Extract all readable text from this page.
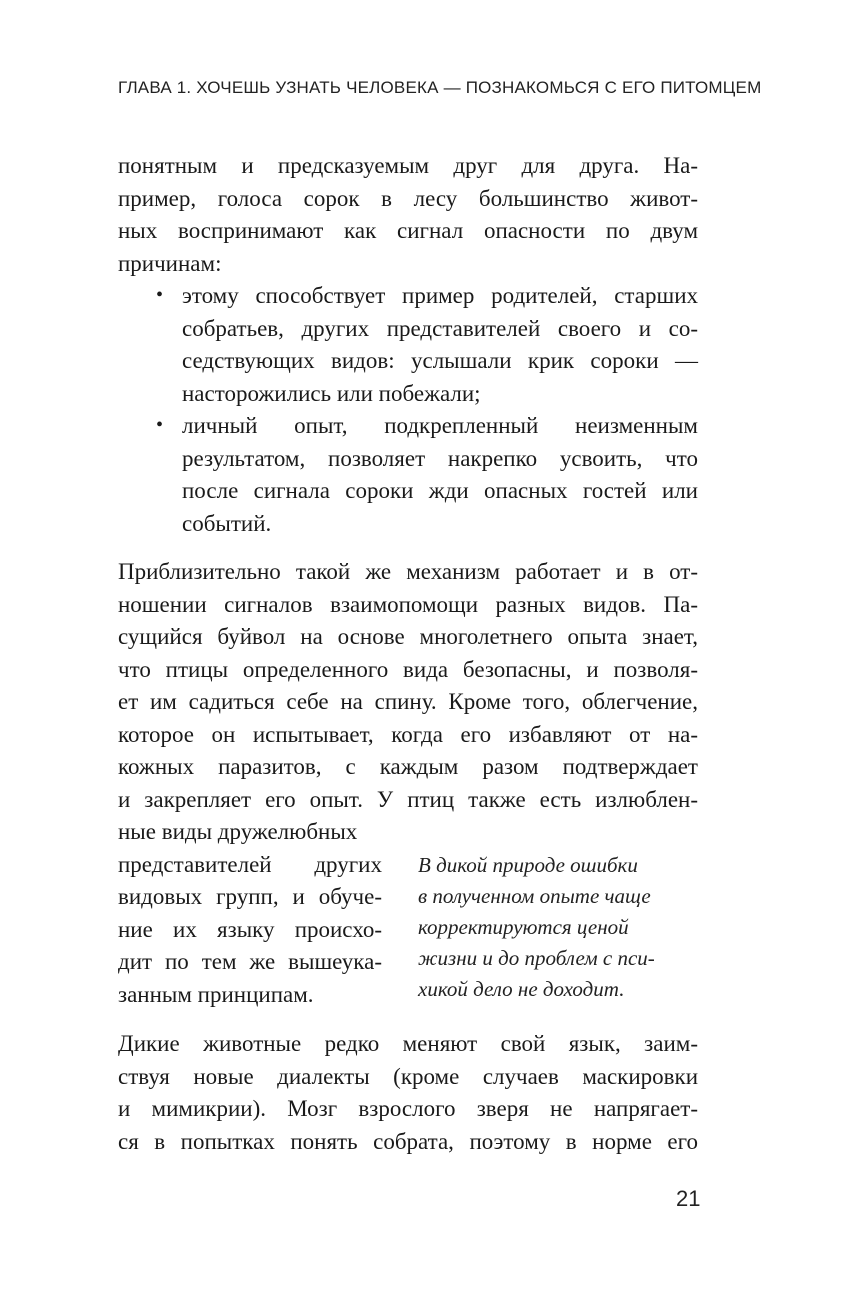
ГЛАВА 1. ХОЧЕШЬ УЗНАТЬ ЧЕЛОВЕКА — ПОЗНАКОМЬСЯ С ЕГО ПИТОМЦЕМ
понятным и предсказуемым друг для друга. На-
пример, голоса сорок в лесу большинство живот-
ных воспринимают как сигнал опасности по двум
причинам:
• этому способствует пример родителей, старших
собратьев, других представителей своего и со-
седствующих видов: услышали крик сороки —
насторожились или побежали;
• личный опыт, подкрепленный неизменным
результатом, позволяет накрепко усвоить, что
после сигнала сороки жди опасных гостей или
событий.
Приблизительно такой же механизм работает и в от-
ношении сигналов взаимопомощи разных видов. Па-
сущийся буйвол на основе многолетнего опыта знает,
что птицы определенного вида безопасны, и позволя-
ет им садиться себе на спину. Кроме того, облегчение,
которое он испытывает, когда его избавляют от на-
кожных паразитов, с каждым разом подтверждает
и закрепляет его опыт. У птиц также есть излюблен-
ные виды дружелюбных
представителей других
видовых групп, и обуче-
ние их языку происхо-
дит по тем же вышеука-
занным принципам.
В дикой природе ошибки
в полученном опыте чаще
корректируются ценой
жизни и до проблем с пси-
хикой дело не доходит.
Дикие животные редко меняют свой язык, заим-
ствуя новые диалекты (кроме случаев маскировки
и мимикрии). Мозг взрослого зверя не напрягает-
ся в попытках понять собрата, поэтому в норме его
21
